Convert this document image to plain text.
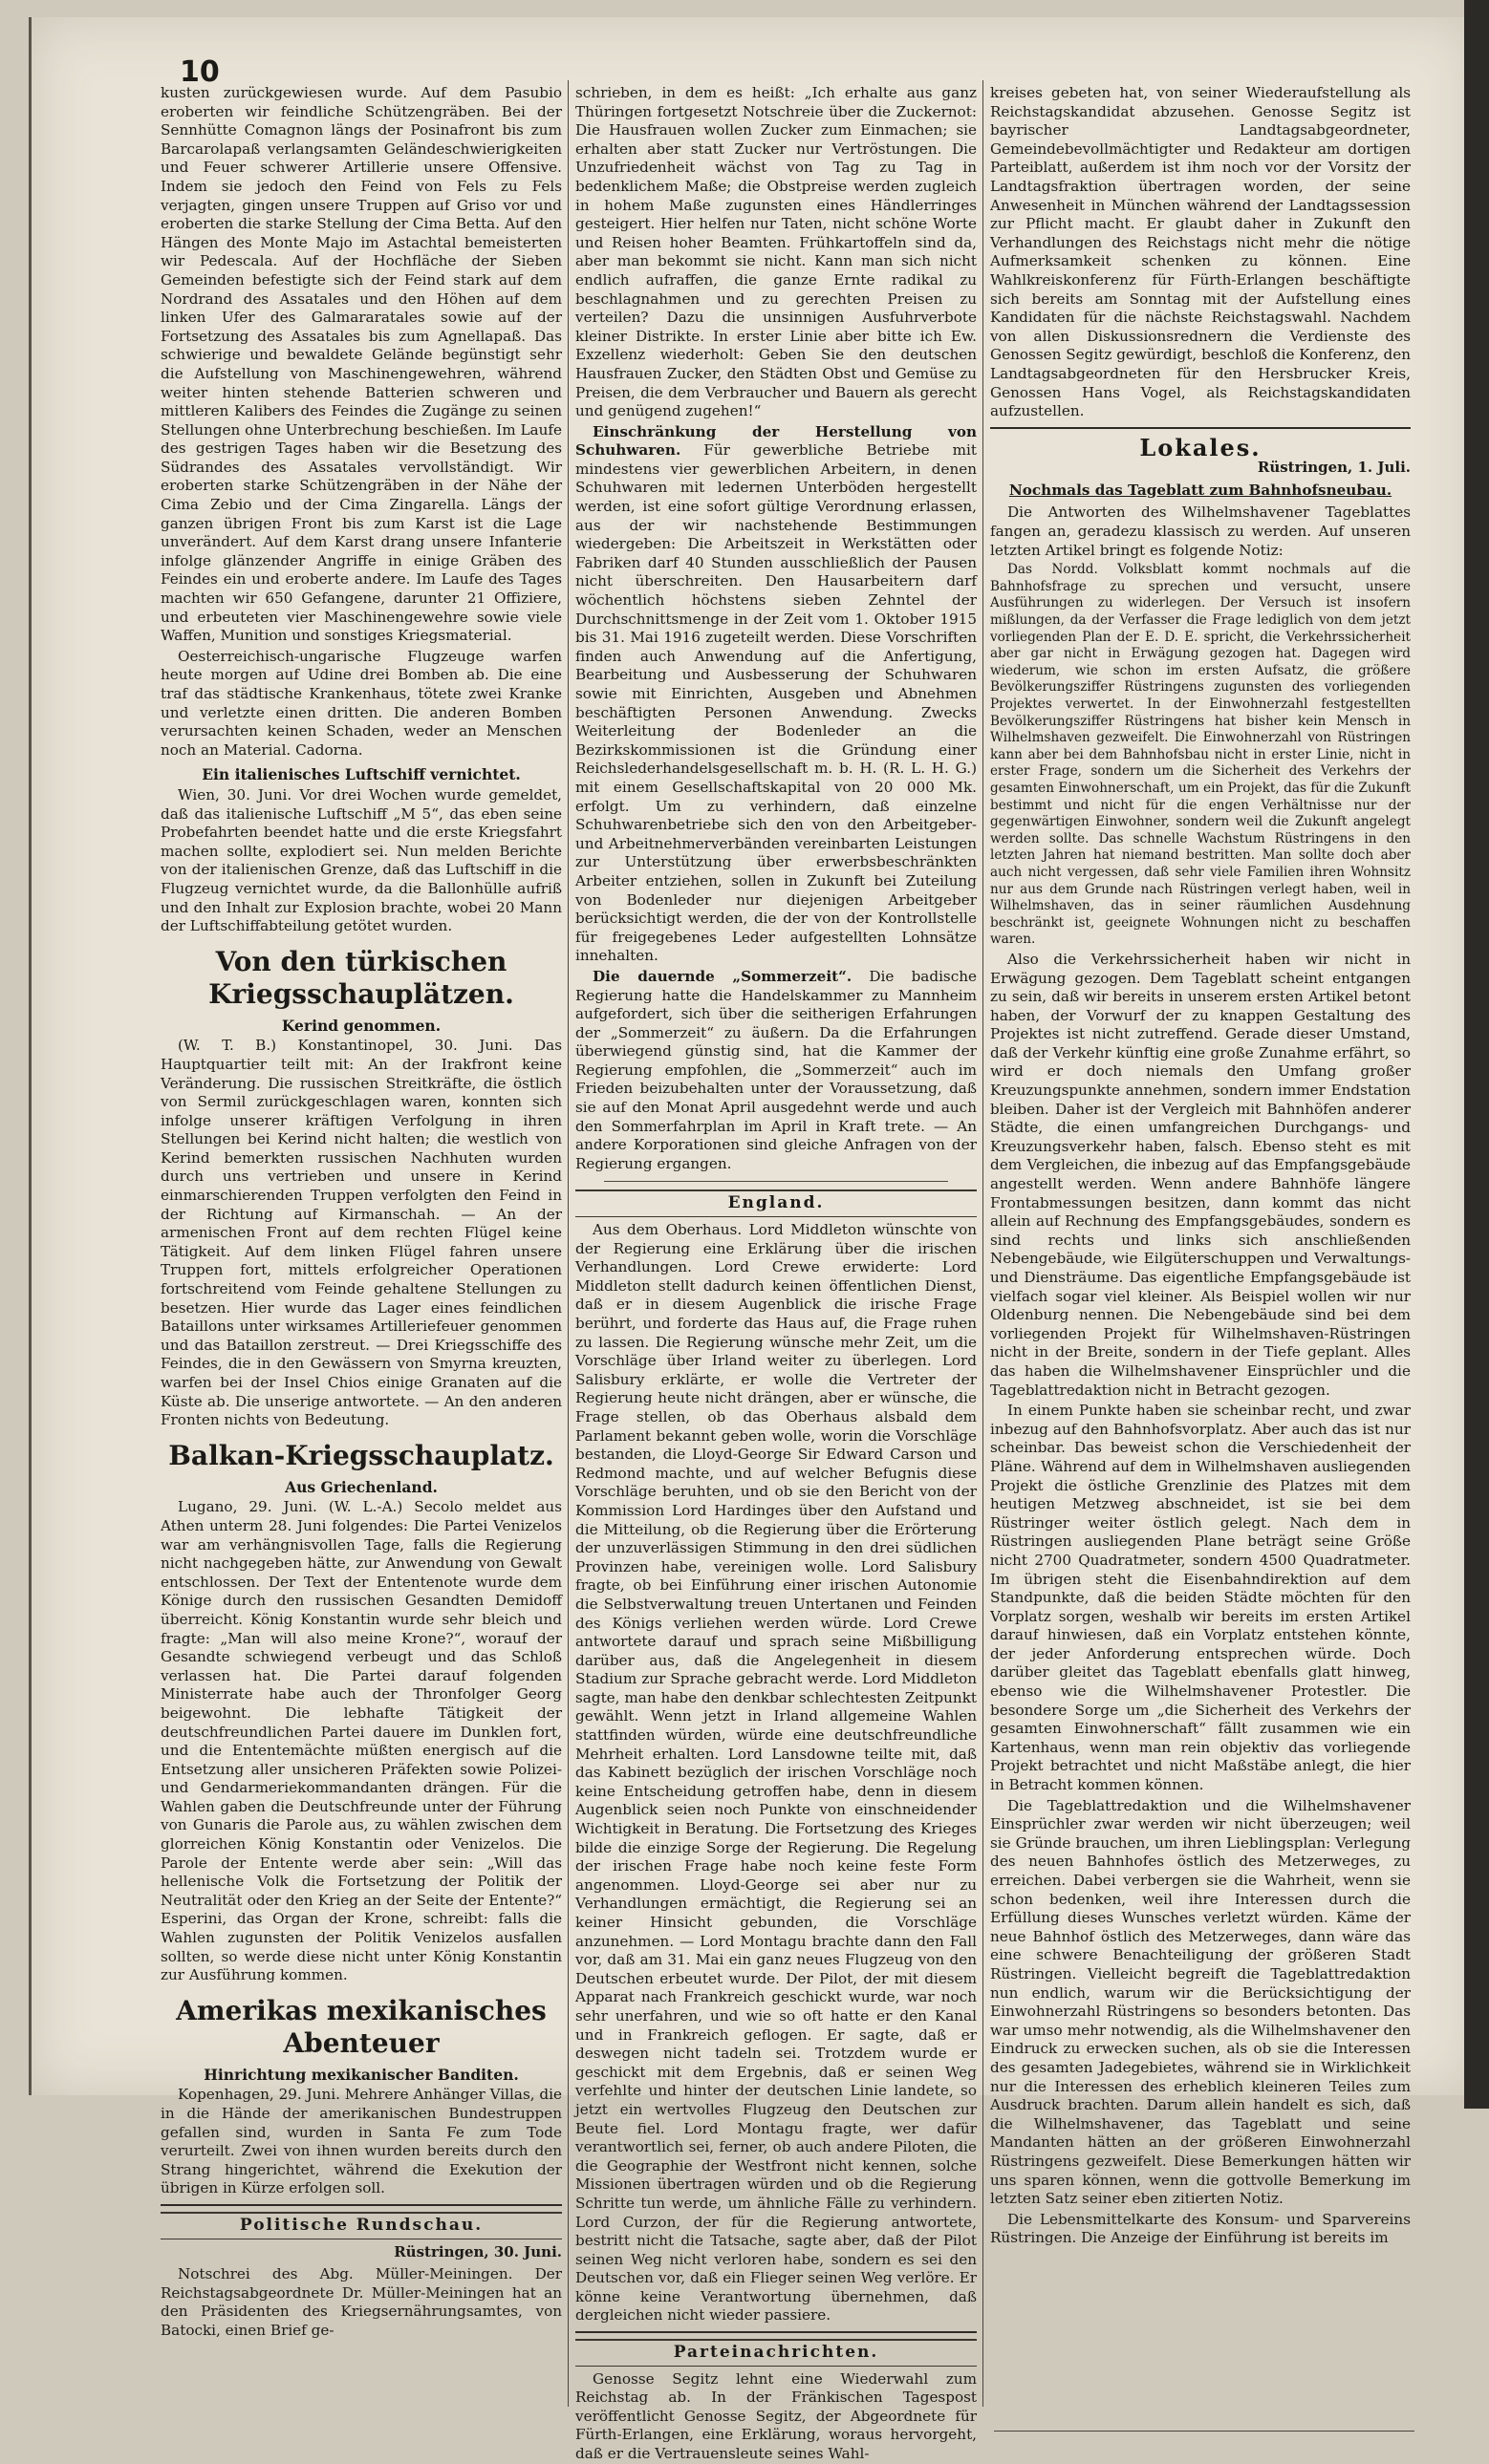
10

kusten zurückgewiesen wurde. Auf dem Pasubio eroberten wir feindliche Schützengräben. Bei der Sennhütte Comagnon längs der Posinafront bis zum Barcarolapaß verlangsamten Geländeschwierigkeiten und Feuer schwerer Artillerie unsere Offensive. Indem sie jedoch den Feind von Fels zu Fels verjagten, gingen unsere Truppen auf Griso vor und eroberten die starke Stellung der Cima Betta. Auf den Hängen des Monte Majo im Astachtal bemeisterten wir Pedescala. Auf der Hochfläche der Sieben Gemeinden befestigte sich der Feind stark auf dem Nordrand des Assatales und den Höhen auf dem linken Ufer des Galmararatales sowie auf der Fortsetzung des Assatales bis zum Agnellapaß. Das schwierige und bewaldete Gelände begünstigt sehr die Aufstellung von Maschinengewehren, während weiter hinten stehende Batterien schweren und mittleren Kalibers des Feindes die Zugänge zu seinen Stellungen ohne Unterbrechung beschießen. Im Laufe des gestrigen Tages haben wir die Besetzung des Südrandes des Assatales vervollständigt. Wir eroberten starke Schützengräben in der Nähe der Cima Zebio und der Cima Zingarella. Längs der ganzen übrigen Front bis zum Karst ist die Lage unverändert. Auf dem Karst drang unsere Infanterie infolge glänzender Angriffe in einige Gräben des Feindes ein und eroberte andere. Im Laufe des Tages machten wir 650 Gefangene, darunter 21 Offiziere, und erbeuteten vier Maschinengewehre sowie viele Waffen, Munition und sonstiges Kriegsmaterial.

Oesterreichisch-ungarische Flugzeuge warfen heute morgen auf Udine drei Bomben ab. Die eine traf das städtische Krankenhaus, tötete zwei Kranke und verletzte einen dritten. Die anderen Bomben verursachten keinen Schaden, weder an Menschen noch an Material. Cadorna.

Ein italienisches Luftschiff vernichtet.

Wien, 30. Juni. Vor drei Wochen wurde gemeldet, daß das italienische Luftschiff „M 5“, das eben seine Probefahrten beendet hatte und die erste Kriegsfahrt machen sollte, explodiert sei. Nun melden Berichte von der italienischen Grenze, daß das Luftschiff in die Flugzeug vernichtet wurde, da die Ballonhülle aufriß und den Inhalt zur Explosion brachte, wobei 20 Mann der Luftschiffabteilung getötet wurden.

Von den türkischen Kriegsschauplätzen.
Kerind genommen.

(W. T. B.) Konstantinopel, 30. Juni. Das Hauptquartier teilt mit: An der Irakfront keine Veränderung. Die russischen Streitkräfte, die östlich von Sermil zurückgeschlagen waren, konnten sich infolge unserer kräftigen Verfolgung in ihren Stellungen bei Kerind nicht halten; die westlich von Kerind bemerkten russischen Nachhuten wurden durch uns vertrieben und unsere in Kerind einmarschierenden Truppen verfolgten den Feind in der Richtung auf Kirmanschah. — An der armenischen Front auf dem rechten Flügel keine Tätigkeit. Auf dem linken Flügel fahren unsere Truppen fort, mittels erfolgreicher Operationen fortschreitend vom Feinde gehaltene Stellungen zu besetzen. Hier wurde das Lager eines feindlichen Bataillons unter wirksames Artilleriefeuer genommen und das Bataillon zerstreut. — Drei Kriegsschiffe des Feindes, die in den Gewässern von Smyrna kreuzten, warfen bei der Insel Chios einige Granaten auf die Küste ab. Die unserige antwortete. — An den anderen Fronten nichts von Bedeutung.

Balkan-Kriegsschauplatz.
Aus Griechenland.

Lugano, 29. Juni. (W. L.-A.) Secolo meldet aus Athen unterm 28. Juni folgendes: Die Partei Venizelos war am verhängnisvollen Tage, falls die Regierung nicht nachgegeben hätte, zur Anwendung von Gewalt entschlossen. Der Text der Ententenote wurde dem Könige durch den russischen Gesandten Demidoff überreicht. König Konstantin wurde sehr bleich und fragte: „Man will also meine Krone?“, worauf der Gesandte schwiegend verbeugt und das Schloß verlassen hat. Die Partei darauf folgenden Ministerrate habe auch der Thronfolger Georg beigewohnt. Die lebhafte Tätigkeit der deutschfreundlichen Partei dauere im Dunklen fort, und die Ententemächte müßten energisch auf die Entsetzung aller unsicheren Präfekten sowie Polizei- und Gendarmeriekommandanten drängen. Für die Wahlen gaben die Deutschfreunde unter der Führung von Gunaris die Parole aus, zu wählen zwischen dem glorreichen König Konstantin oder Venizelos. Die Parole der Entente werde aber sein: „Will das hellenische Volk die Fortsetzung der Politik der Neutralität oder den Krieg an der Seite der Entente?“ Esperini, das Organ der Krone, schreibt: falls die Wahlen zugunsten der Politik Venizelos ausfallen sollten, so werde diese nicht unter König Konstantin zur Ausführung kommen.

Amerikas mexikanisches Abenteuer
Hinrichtung mexikanischer Banditen.

Kopenhagen, 29. Juni. Mehrere Anhänger Villas, die in die Hände der amerikanischen Bundestruppen gefallen sind, wurden in Santa Fe zum Tode verurteilt. Zwei von ihnen wurden bereits durch den Strang hingerichtet, während die Exekution der übrigen in Kürze erfolgen soll.

Politische Rundschau.
Rüstringen, 30. Juni.

Notschrei des Abg. Müller-Meiningen. Der Reichstagsabgeordnete Dr. Müller-Meiningen hat an den Präsidenten des Kriegsernährungsamtes, von Batocki, einen Brief ge-

schrieben, in dem es heißt: „Ich erhalte aus ganz Thüringen fortgesetzt Notschreie über die Zuckernot: Die Hausfrauen wollen Zucker zum Einmachen; sie erhalten aber statt Zucker nur Vertröstungen. Die Unzufriedenheit wächst von Tag zu Tag in bedenklichem Maße; die Obstpreise werden zugleich in hohem Maße zugunsten eines Händlerringes gesteigert. Hier helfen nur Taten, nicht schöne Worte und Reisen hoher Beamten. Frühkartoffeln sind da, aber man bekommt sie nicht. Kann man sich nicht endlich aufraffen, die ganze Ernte radikal zu beschlagnahmen und zu gerechten Preisen zu verteilen? Dazu die unsinnigen Ausfuhrverbote kleiner Distrikte. In erster Linie aber bitte ich Ew. Exzellenz wiederholt: Geben Sie den deutschen Hausfrauen Zucker, den Städten Obst und Gemüse zu Preisen, die dem Verbraucher und Bauern als gerecht und genügend zugehen!“

Einschränkung der Herstellung von Schuhwaren. Für gewerbliche Betriebe mit mindestens vier gewerblichen Arbeitern, in denen Schuhwaren mit ledernen Unterböden hergestellt werden, ist eine sofort gültige Verordnung erlassen, aus der wir nachstehende Bestimmungen wiedergeben: Die Arbeitszeit in Werkstätten oder Fabriken darf 40 Stunden ausschließlich der Pausen nicht überschreiten. Den Hausarbeitern darf wöchentlich höchstens sieben Zehntel der Durchschnittsmenge in der Zeit vom 1. Oktober 1915 bis 31. Mai 1916 zugeteilt werden. Diese Vorschriften finden auch Anwendung auf die Anfertigung, Bearbeitung und Ausbesserung der Schuhwaren sowie mit Einrichten, Ausgeben und Abnehmen beschäftigten Personen Anwendung. Zwecks Weiterleitung der Bodenleder an die Bezirkskommissionen ist die Gründung einer Reichslederhandelsgesellschaft m. b. H. (R. L. H. G.) mit einem Gesellschaftskapital von 20 000 Mk. erfolgt. Um zu verhindern, daß einzelne Schuhwarenbetriebe sich den von den Arbeitgeber- und Arbeitnehmerverbänden vereinbarten Leistungen zur Unterstützung über erwerbsbeschränkten Arbeiter entziehen, sollen in Zukunft bei Zuteilung von Bodenleder nur diejenigen Arbeitgeber berücksichtigt werden, die der von der Kontrollstelle für freigegebenes Leder aufgestellten Lohnsätze innehalten.

Die dauernde „Sommerzeit“. Die badische Regierung hatte die Handelskammer zu Mannheim aufgefordert, sich über die seitherigen Erfahrungen der „Sommerzeit“ zu äußern. Da die Erfahrungen überwiegend günstig sind, hat die Kammer der Regierung empfohlen, die „Sommerzeit“ auch im Frieden beizubehalten unter der Voraussetzung, daß sie auf den Monat April ausgedehnt werde und auch den Sommerfahrplan im April in Kraft trete. — An andere Korporationen sind gleiche Anfragen von der Regierung ergangen.

England.

Aus dem Oberhaus. Lord Middleton wünschte von der Regierung eine Erklärung über die irischen Verhandlungen. Lord Crewe erwiderte: Lord Middleton stellt dadurch keinen öffentlichen Dienst, daß er in diesem Augenblick die irische Frage berührt, und forderte das Haus auf, die Frage ruhen zu lassen. Die Regierung wünsche mehr Zeit, um die Vorschläge über Irland weiter zu überlegen. Lord Salisbury erklärte, er wolle die Vertreter der Regierung heute nicht drängen, aber er wünsche, die Frage stellen, ob das Oberhaus alsbald dem Parlament bekannt geben wolle, worin die Vorschläge bestanden, die Lloyd-George Sir Edward Carson und Redmond machte, und auf welcher Befugnis diese Vorschläge beruhten, und ob sie den Bericht von der Kommission Lord Hardinges über den Aufstand und die Mitteilung, ob die Regierung über die Erörterung der unzuverlässigen Stimmung in den drei südlichen Provinzen habe, vereinigen wolle. Lord Salisbury fragte, ob bei Einführung einer irischen Autonomie die Selbstverwaltung treuen Untertanen und Feinden des Königs verliehen werden würde. Lord Crewe antwortete darauf und sprach seine Mißbilligung darüber aus, daß die Angelegenheit in diesem Stadium zur Sprache gebracht werde. Lord Middleton sagte, man habe den denkbar schlechtesten Zeitpunkt gewählt. Wenn jetzt in Irland allgemeine Wahlen stattfinden würden, würde eine deutschfreundliche Mehrheit erhalten. Lord Lansdowne teilte mit, daß das Kabinett bezüglich der irischen Vorschläge noch keine Entscheidung getroffen habe, denn in diesem Augenblick seien noch Punkte von einschneidender Wichtigkeit in Beratung. Die Fortsetzung des Krieges bilde die einzige Sorge der Regierung. Die Regelung der irischen Frage habe noch keine feste Form angenommen. Lloyd-George sei aber nur zu Verhandlungen ermächtigt, die Regierung sei an keiner Hinsicht gebunden, die Vorschläge anzunehmen. — Lord Montagu brachte dann den Fall vor, daß am 31. Mai ein ganz neues Flugzeug von den Deutschen erbeutet wurde. Der Pilot, der mit diesem Apparat nach Frankreich geschickt wurde, war noch sehr unerfahren, und wie so oft hatte er den Kanal und in Frankreich geflogen. Er sagte, daß er deswegen nicht tadeln sei. Trotzdem wurde er geschickt mit dem Ergebnis, daß er seinen Weg verfehlte und hinter der deutschen Linie landete, so jetzt ein wertvolles Flugzeug den Deutschen zur Beute fiel. Lord Montagu fragte, wer dafür verantwortlich sei, ferner, ob auch andere Piloten, die die Geographie der Westfront nicht kennen, solche Missionen übertragen würden und ob die Regierung Schritte tun werde, um ähnliche Fälle zu verhindern. Lord Curzon, der für die Regierung antwortete, bestritt nicht die Tatsache, sagte aber, daß der Pilot seinen Weg nicht verloren habe, sondern es sei den Deutschen vor, daß ein Flieger seinen Weg verlöre. Er könne keine Verantwortung übernehmen, daß dergleichen nicht wieder passiere.

Parteinachrichten.

Genosse Segitz lehnt eine Wiederwahl zum Reichstag ab. In der Fränkischen Tagespost veröffentlicht Genosse Segitz, der Abgeordnete für Fürth-Erlangen, eine Erklärung, woraus hervorgeht, daß er die Vertrauensleute seines Wahl-

kreises gebeten hat, von seiner Wiederaufstellung als Reichstagskandidat abzusehen. Genosse Segitz ist bayrischer Landtagsabgeordneter, Gemeindebevollmächtigter und Redakteur am dortigen Parteiblatt, außerdem ist ihm noch vor der Vorsitz der Landtagsfraktion übertragen worden, der seine Anwesenheit in München während der Landtagssession zur Pflicht macht. Er glaubt daher in Zukunft den Verhandlungen des Reichstags nicht mehr die nötige Aufmerksamkeit schenken zu können. Eine Wahlkreiskonferenz für Fürth-Erlangen beschäftigte sich bereits am Sonntag mit der Aufstellung eines Kandidaten für die nächste Reichstagswahl. Nachdem von allen Diskussionsrednern die Verdienste des Genossen Segitz gewürdigt, beschloß die Konferenz, den Landtagsabgeordneten für den Hersbrucker Kreis, Genossen Hans Vogel, als Reichstagskandidaten aufzustellen.

Lokales.
Rüstringen, 1. Juli.
Nochmals das Tageblatt zum Bahnhofsneubau.

Die Antworten des Wilhelmshavener Tageblattes fangen an, geradezu klassisch zu werden. Auf unseren letzten Artikel bringt es folgende Notiz:

Das Nordd. Volksblatt kommt nochmals auf die Bahnhofsfrage zu sprechen und versucht, unsere Ausführungen zu widerlegen. Der Versuch ist insofern mißlungen, da der Verfasser die Frage lediglich von dem jetzt vorliegenden Plan der E. D. E. spricht, die Verkehrssicherheit aber gar nicht in Erwägung gezogen hat. Dagegen wird wiederum, wie schon im ersten Aufsatz, die größere Bevölkerungsziffer Rüstringens zugunsten des vorliegenden Projektes verwertet. In der Einwohnerzahl festgestellten Bevölkerungsziffer Rüstringens hat bisher kein Mensch in Wilhelmshaven gezweifelt. Die Einwohnerzahl von Rüstringen kann aber bei dem Bahnhofsbau nicht in erster Linie, nicht in erster Frage, sondern um die Sicherheit des Verkehrs der gesamten Einwohnerschaft, um ein Projekt, das für die Zukunft bestimmt und nicht für die engen Verhältnisse nur der gegenwärtigen Einwohner, sondern weil die Zukunft angelegt werden sollte. Das schnelle Wachstum Rüstringens in den letzten Jahren hat niemand bestritten. Man sollte doch aber auch nicht vergessen, daß sehr viele Familien ihren Wohnsitz nur aus dem Grunde nach Rüstringen verlegt haben, weil in Wilhelmshaven, das in seiner räumlichen Ausdehnung beschränkt ist, geeignete Wohnungen nicht zu beschaffen waren.

Also die Verkehrssicherheit haben wir nicht in Erwägung gezogen. Dem Tageblatt scheint entgangen zu sein, daß wir bereits in unserem ersten Artikel betont haben, der Vorwurf der zu knappen Gestaltung des Projektes ist nicht zutreffend. Gerade dieser Umstand, daß der Verkehr künftig eine große Zunahme erfährt, so wird er doch niemals den Umfang großer Kreuzungspunkte annehmen, sondern immer Endstation bleiben. Daher ist der Vergleich mit Bahnhöfen anderer Städte, die einen umfangreichen Durchgangs- und Kreuzungsverkehr haben, falsch. Ebenso steht es mit dem Vergleichen, die inbezug auf das Empfangsgebäude angestellt werden. Wenn andere Bahnhöfe längere Frontabmessungen besitzen, dann kommt das nicht allein auf Rechnung des Empfangsgebäudes, sondern es sind rechts und links sich anschließenden Nebengebäude, wie Eilgüterschuppen und Verwaltungs- und Diensträume. Das eigentliche Empfangsgebäude ist vielfach sogar viel kleiner. Als Beispiel wollen wir nur Oldenburg nennen. Die Nebengebäude sind bei dem vorliegenden Projekt für Wilhelmshaven-Rüstringen nicht in der Breite, sondern in der Tiefe geplant. Alles das haben die Wilhelmshavener Einsprüchler und die Tageblattredaktion nicht in Betracht gezogen.

In einem Punkte haben sie scheinbar recht, und zwar inbezug auf den Bahnhofsvorplatz. Aber auch das ist nur scheinbar. Das beweist schon die Verschiedenheit der Pläne. Während auf dem in Wilhelmshaven ausliegenden Projekt die östliche Grenzlinie des Platzes mit dem heutigen Metzweg abschneidet, ist sie bei dem Rüstringer weiter östlich gelegt. Nach dem in Rüstringen ausliegenden Plane beträgt seine Größe nicht 2700 Quadratmeter, sondern 4500 Quadratmeter. Im übrigen steht die Eisenbahndirektion auf dem Standpunkte, daß die beiden Städte möchten für den Vorplatz sorgen, weshalb wir bereits im ersten Artikel darauf hinwiesen, daß ein Vorplatz entstehen könnte, der jeder Anforderung entsprechen würde. Doch darüber gleitet das Tageblatt ebenfalls glatt hinweg, ebenso wie die Wilhelmshavener Protestler. Die besondere Sorge um „die Sicherheit des Verkehrs der gesamten Einwohnerschaft“ fällt zusammen wie ein Kartenhaus, wenn man rein objektiv das vorliegende Projekt betrachtet und nicht Maßstäbe anlegt, die hier in Betracht kommen können.

Die Tageblattredaktion und die Wilhelmshavener Einsprüchler zwar werden wir nicht überzeugen; weil sie Gründe brauchen, um ihren Lieblingsplan: Verlegung des neuen Bahnhofes östlich des Metzerweges, zu erreichen. Dabei verbergen sie die Wahrheit, wenn sie schon bedenken, weil ihre Interessen durch die Erfüllung dieses Wunsches verletzt würden. Käme der neue Bahnhof östlich des Metzerweges, dann wäre das eine schwere Benachteiligung der größeren Stadt Rüstringen. Vielleicht begreift die Tageblattredaktion nun endlich, warum wir die Berücksichtigung der Einwohnerzahl Rüstringens so besonders betonten. Das war umso mehr notwendig, als die Wilhelmshavener den Eindruck zu erwecken suchen, als ob sie die Interessen des gesamten Jadegebietes, während sie in Wirklichkeit nur die Interessen des erheblich kleineren Teiles zum Ausdruck brachten. Darum allein handelt es sich, daß die Wilhelmshavener, das Tageblatt und seine Mandanten hätten an der größeren Einwohnerzahl Rüstringens gezweifelt. Diese Bemerkungen hätten wir uns sparen können, wenn die gottvolle Bemerkung im letzten Satz seiner eben zitierten Notiz.

Die Lebensmittelkarte des Konsum- und Sparvereins Rüstringen. Die Anzeige der Einführung ist bereits im
